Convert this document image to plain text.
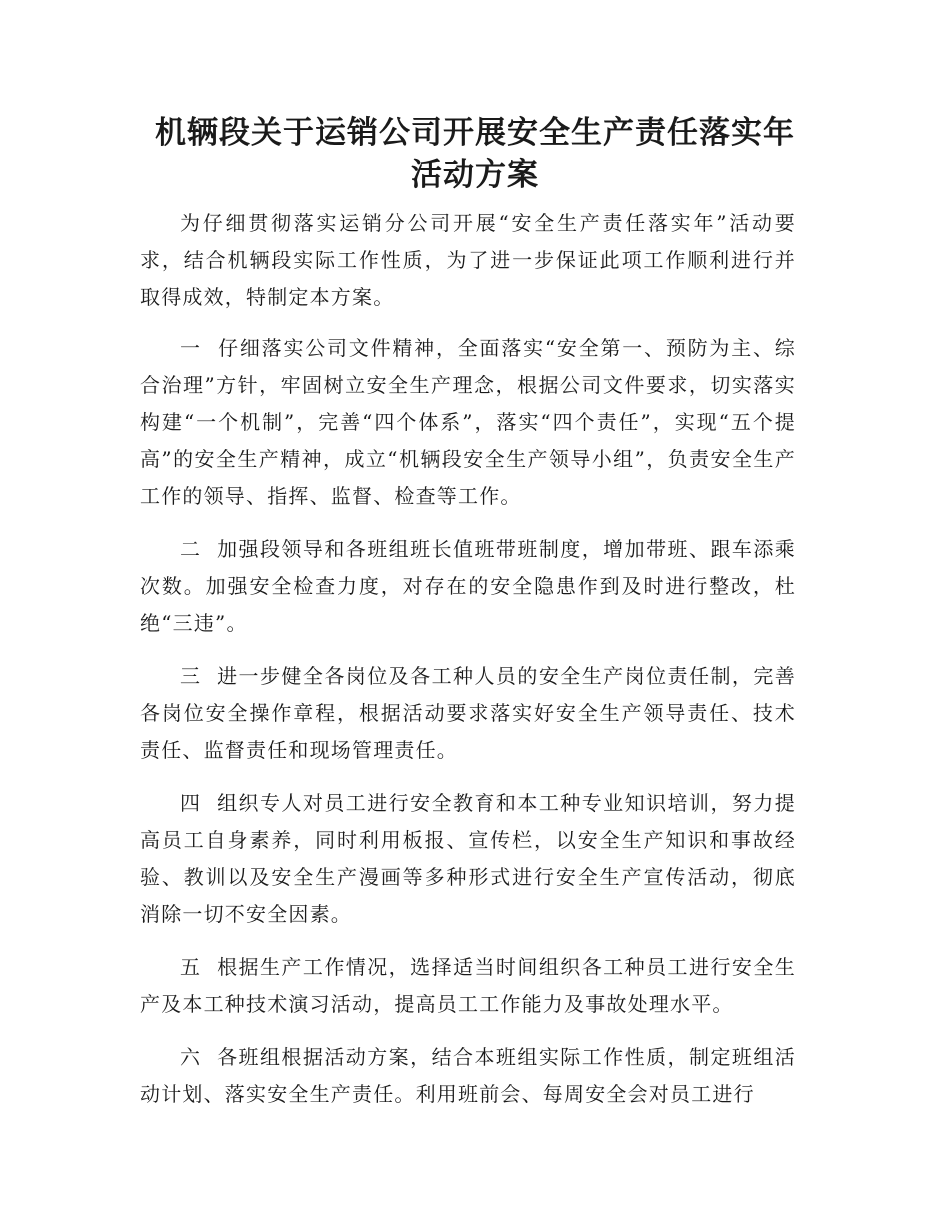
机辆段关于运销公司开展安全生产责任落实年活动方案

为仔细贯彻落实运销分公司开展“安全生产责任落实年”活动要求，结合机辆段实际工作性质，为了进一步保证此项工作顺利进行并取得成效，特制定本方案。

一  仔细落实公司文件精神，全面落实“安全第一、预防为主、综合治理”方针，牢固树立安全生产理念，根据公司文件要求，切实落实构建“一个机制”，完善“四个体系”，落实“四个责任”，实现“五个提高”的安全生产精神，成立“机辆段安全生产领导小组”，负责安全生产工作的领导、指挥、监督、检查等工作。

二  加强段领导和各班组班长值班带班制度，增加带班、跟车添乘次数。加强安全检查力度，对存在的安全隐患作到及时进行整改，杜绝“三违”。

三  进一步健全各岗位及各工种人员的安全生产岗位责任制，完善各岗位安全操作章程，根据活动要求落实好安全生产领导责任、技术责任、监督责任和现场管理责任。

四  组织专人对员工进行安全教育和本工种专业知识培训，努力提高员工自身素养，同时利用板报、宣传栏，以安全生产知识和事故经验、教训以及安全生产漫画等多种形式进行安全生产宣传活动，彻底消除一切不安全因素。

五  根据生产工作情况，选择适当时间组织各工种员工进行安全生产及本工种技术演习活动，提高员工工作能力及事故处理水平。

六  各班组根据活动方案，结合本班组实际工作性质，制定班组活动计划、落实安全生产责任。利用班前会、每周安全会对员工进行
